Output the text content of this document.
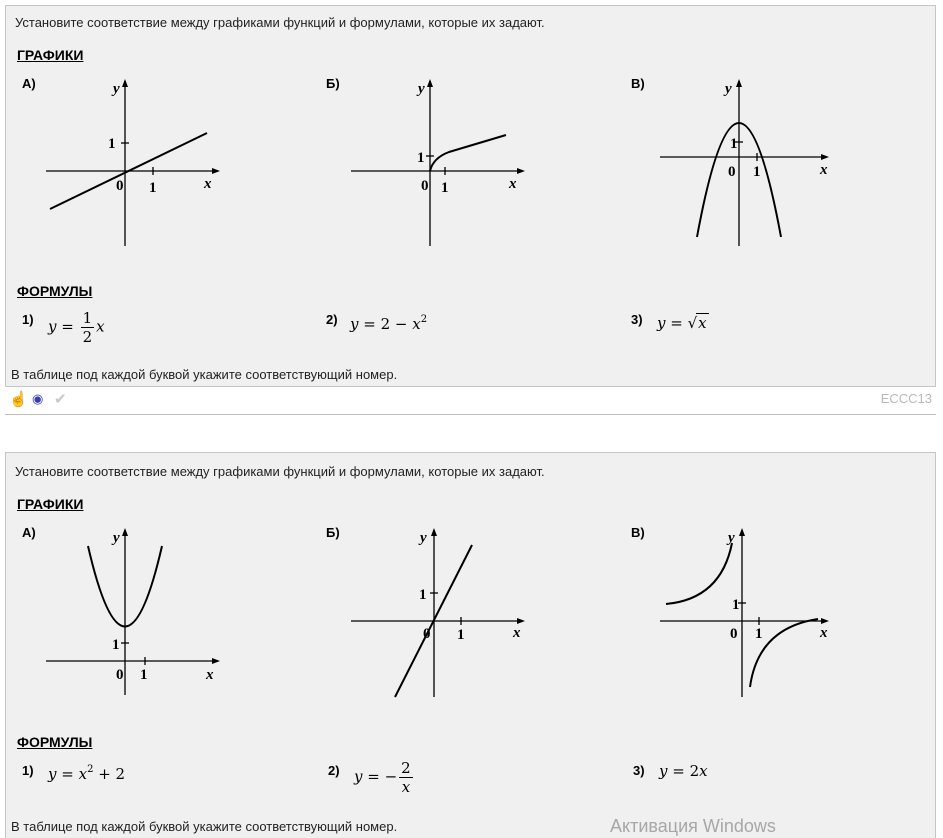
Установите соответствие между графиками функций и формулами, которые их задают.
ГРАФИКИ
А)	Б)	В)
x
y
0 1
1
x
y
0 1
1
x
y
0 1
1
ФОРМУЛЫ
1) $y = \frac{1}{2}$ x	2) $y = 2 - x^2$	3) y = √x
В таблице под каждой буквой укажите соответствующий номер.
☝ ◉ ✔	ECCC13
Установите соответствие между графиками функций и формулами, которые их задают.
ГРАФИКИ
А)	Б)	В)
x
y
0 1
1
x
y
0 1
1
x
y
0 1
1
ФОРМУЛЫ
1) $y = x^2 + 2$	2) y = − $\frac{2}{x}$	3) y = 2x
В таблице под каждой буквой укажите соответствующий номер.	Активация Windows
